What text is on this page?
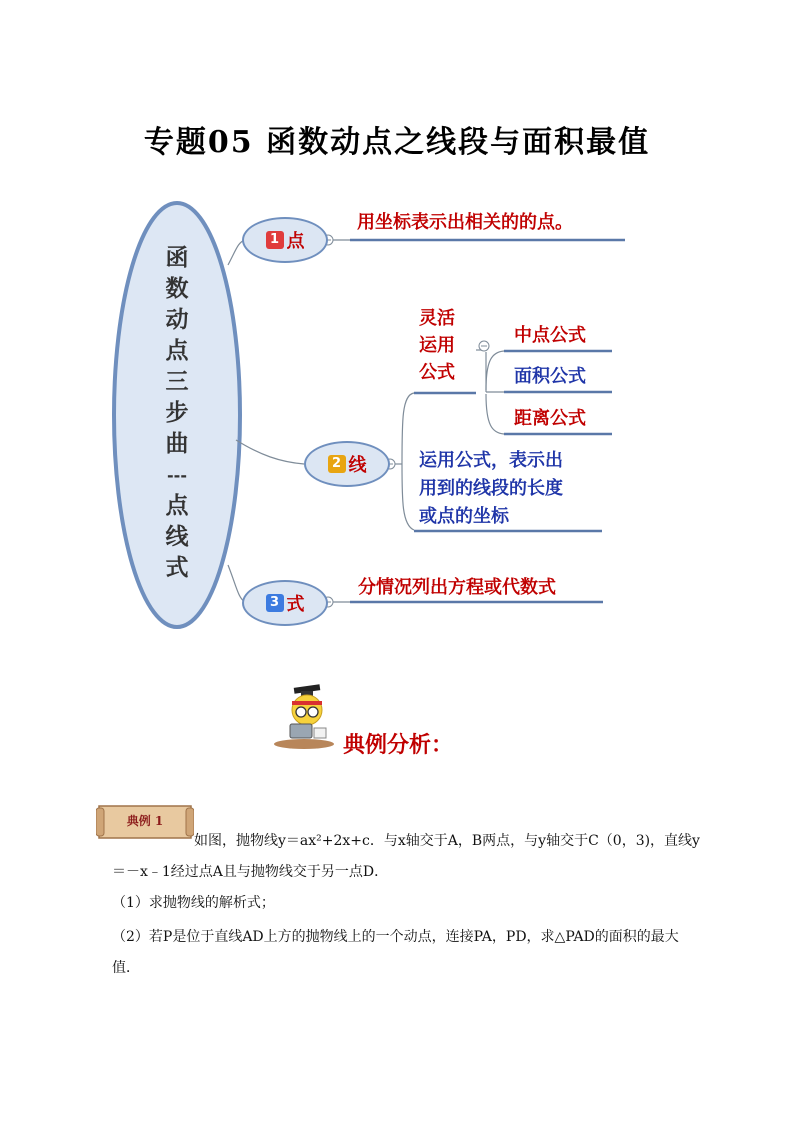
专题05 函数动点之线段与面积最值
函
数
动
点
三
步
曲
---
点
线
式
1 点
2 线
3 式
用坐标表示出相关的的点。
灵活
运用
公式
中点公式
面积公式
距离公式
运用公式，表示出
用到的线段的长度
或点的坐标
分情况列出方程或代数式
典例分析：
典例 1
如图，抛物线y＝ax²+2x+c．与x轴交于A，B两点，与y轴交于C（0，3)，直线y
＝－x﹣1经过点A且与抛物线交于另一点D．
（1）求抛物线的解析式；
（2）若P是位于直线AD上方的抛物线上的一个动点，连接PA，PD，求△PAD的面积的最大
值．
